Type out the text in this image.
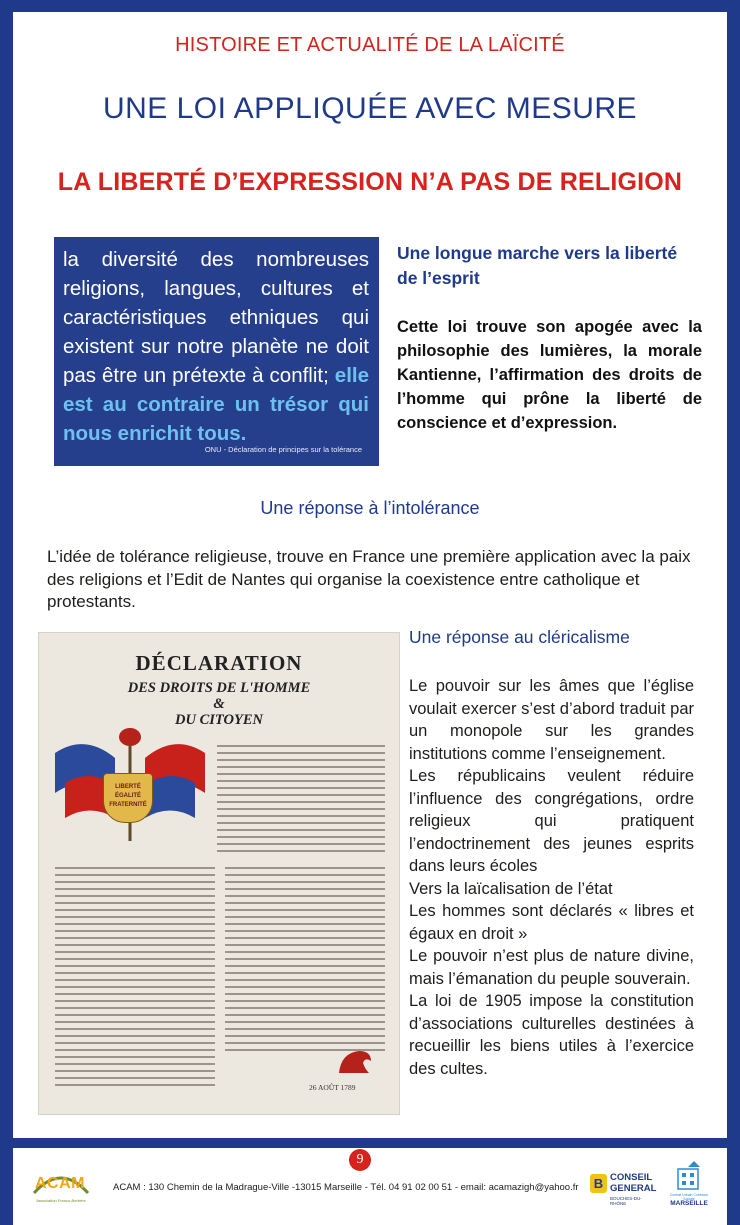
HISTOIRE ET ACTUALITÉ DE LA LAÏCITÉ
UNE LOI APPLIQUÉE AVEC MESURE
LA LIBERTÉ D’EXPRESSION N’A PAS DE RELIGION

la diversité des nombreuses religions, langues, cultures et caractéristiques ethniques qui existent sur notre planète ne doit pas être un prétexte à conflit; elle est au contraire un trésor qui nous enrichit tous.

ONU - Déclaration de principes sur la tolérance
Une longue marche vers la liberté de l’esprit

Cette loi trouve son apogée avec la philosophie des lumières, la morale Kantienne, l’affirmation des droits de l’homme qui prône la liberté de conscience et d’expression.

Une réponse à l’intolérance

L’idée de tolérance religieuse, trouve en France une première application avec la paix des religions et l’Edit de Nantes qui organise la coexistence entre catholique et protestants.

DÉCLARATION
DES DROITS DE L'HOMME
&
DU CITOYEN
LIBERTÉ
ÉGALITÉ
FRATERNITÉ
26 AOÛT 1789
Une réponse au cléricalisme

Le pouvoir sur les âmes que l’église voulait exercer s’est d’abord traduit par un monopole sur les grandes institutions comme l’enseignement.

Les républicains veulent réduire l’influence des congrégations, ordre religieux qui pratiquent l’endoctrinement des jeunes esprits dans leurs écoles

Vers la laïcalisation de l’état

Les hommes sont déclarés « libres et égaux en droit »

Le pouvoir n’est plus de nature divine, mais l’émanation du peuple souverain.

La loi de 1905 impose la constitution d’associations culturelles destinées à recueillir les biens utiles à l’exercice des cultes.

9
ACAM
Association Franco-Berbère
ACAM : 130 Chemin de la Madrague-Ville -13015 Marseille - Tél. 04 91 02 00 51 - email: acamazigh@yahoo.fr B CONSEIL
GENERAL
BOUCHES-DU-RHÔNE
Contrat Urbain Cohésion Sociale
MARSEILLE
